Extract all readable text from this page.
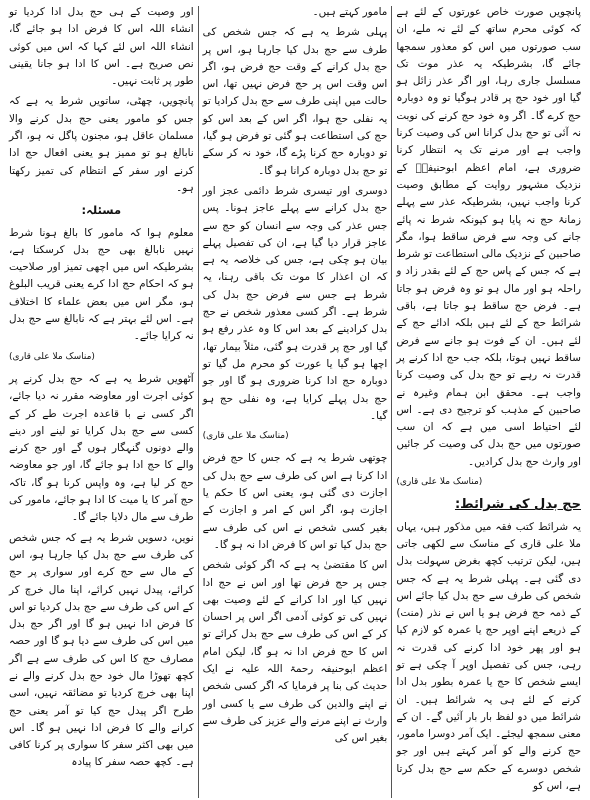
پانچویں صورت خاص عورتوں کے لئے ہے کہ کوئی محرم ساتھ کے لئے نہ ملے، ان سب صورتوں میں اس کو معذور سمجھا جائے گا، بشرطیکہ یہ عذر موت تک مسلسل جاری رہا، اور اگر عذر زائل ہو گیا اور خود حج پر قادر ہوگیا تو وہ دوبارہ حج کرے گا۔ اگر وہ خود حج کرنے کی نوبت نہ آئی تو حج بدل کرانا اس کی وصیت کرنا واجب ہے اور مرنے تک یہ انتظار کرنا ضروری ہے، امام اعظم ابوحنیفہؒ کے نزدیک مشہور روایت کے مطابق وصیت کرنا واجب نہیں، بشرطیکہ عذر سے پہلے زمانۂ حج نہ پایا ہو کیونکہ شرط نہ پائے جانے کی وجہ سے فرض ساقط ہوا، مگر صاحبین کے نزدیک مالی استطاعت تو شرط ہے کہ جس کے پاس حج کے لئے بقدر زاد و راحلہ ہو اور مال ہو تو وہ فرض ہو جاتا ہے۔ فرض حج ساقط ہو جاتا ہے، باقی شرائط حج کے لئے ہیں بلکہ ادائے حج کے لئے ہیں۔ ان کے فوت ہو جانے سے فرض ساقط نہیں ہوتا، بلکہ جب حج ادا کرنے پر قدرت نہ رہے تو حج بدل کی وصیت کرنا واجب ہے۔ محقق ابن ہمام وغیرہ نے صاحبین کے مذہب کو ترجیح دی ہے۔ اس لئے احتیاط اسی میں ہے کہ ان سب صورتوں میں حج بدل کی وصیت کر جائیں اور وارث حج بدل کرادیں۔

(مناسک ملا علی قاری)

حج بدل کی شرائط:

یہ شرائط کتب فقہ میں مذکور ہیں، یہاں ملا علی قاری کے مناسک سے لکھی جاتی ہیں، لیکن ترتیب کچھ بغرض سہولت بدل دی گئی ہے۔ پہلی شرط یہ ہے کہ جس شخص کی طرف سے حج بدل کیا جائے اس کے ذمہ حج فرض ہو یا اس نے نذر (منت) کے ذریعے اپنے اوپر حج یا عمرہ کو لازم کیا ہو اور پھر خود ادا کرنے کی قدرت نہ رہی، جس کی تفصیل اوپر آ چکی ہے تو ایسے شخص کا حج یا عمرہ بطور بدل ادا کرنے کے لئے ہی یہ شرائط ہیں۔ ان شرائط میں دو لفظ بار بار آئیں گے۔ ان کے معنی سمجھ لیجئے۔ ایک آمر دوسرا مامور، حج کرنے والے کو آمر کہتے ہیں اور جو شخص دوسرے کے حکم سے حج بدل کرتا ہے، اس کو

مامور کہتے ہیں۔

پہلی شرط یہ ہے کہ جس شخص کی طرف سے حج بدل کیا جارہا ہو، اس پر حج بدل کرانے کے وقت حج فرض ہو، اگر اس وقت اس پر حج فرض نہیں تھا، اس حالت میں اپنی طرف سے حج بدل کرادیا تو یہ نفلی حج ہوا، اگر اس کے بعد اس کو حج کی استطاعت ہو گئی تو فرض ہو گیا، تو دوبارہ حج کرنا پڑے گا، خود نہ کر سکے تو حج بدل دوبارہ کرانا ہو گا۔

دوسری اور تیسری شرط دائمی عجز اور حج بدل کرانے سے پہلے عاجز ہونا۔ پس جس عذر کی وجہ سے انسان کو حج سے عاجز قرار دیا گیا ہے، ان کی تفصیل پہلے بیان ہو چکی ہے، جس کی خلاصہ یہ ہے کہ ان اعذار کا موت تک باقی رہنا، یہ شرط ہے جس سے فرض حج بدل کی شرط ہے۔ اگر کسی معذور شخص نے حج بدل کرادینے کے بعد اس کا وہ عذر رفع ہو گیا اور حج پر قدرت ہو گئی، مثلاً بیمار تھا، اچھا ہو گیا یا عورت کو محرم مل گیا تو دوبارہ حج ادا کرنا ضروری ہو گا اور جو حج بدل پہلے کرایا ہے، وہ نفلی حج ہو گیا۔

(مناسک ملا علی قاری)

چوتھی شرط یہ ہے کہ جس کا حج فرض ادا کرنا ہے اس کی طرف سے حج بدل کی اجازت دی گئی ہو، یعنی اس کا حکم یا اجازت ہو، اگر اس کے امر و اجازت کے بغیر کسی شخص نے اس کی طرف سے حج بدل کیا تو اس کا فرض ادا نہ ہو گا۔

اس کا مقتضیٰ یہ ہے کہ اگر کوئی شخص جس پر حج فرض تھا اور اس نے حج ادا نہیں کیا اور ادا کرانے کے لئے وصیت بھی نہیں کی تو کوئی آدمی اگر اس پر احسان کر کے اس کی طرف سے حج بدل کرائے تو اس کا حج فرض ادا نہ ہو گا، لیکن امام اعظم ابوحنیفہ رحمۃ اللہ علیہ نے ایک حدیث کی بنا پر فرمایا کہ اگر کسی شخص نے اپنے والدین کی طرف سے یا کسی اور وارث نے اپنے مرنے والے عزیز کی طرف سے بغیر اس کی

اور وصیت کے ہی حج بدل ادا کردیا تو انشاء اللہ اس کا فرض ادا ہو جائے گا، انشاء اللہ اس لئے کہا کہ اس میں کوئی نص صریح ہے۔ اس کا ادا ہو جانا یقینی طور پر ثابت نہیں۔

پانچویں، چھٹی، ساتویں شرط یہ ہے کہ جس کو مامور یعنی حج بدل کرنے والا مسلمان عاقل ہو، مجنون پاگل نہ ہو، اگر نابالغ ہو تو ممیز ہو یعنی افعال حج ادا کرنے اور سفر کے انتظام کی تمیز رکھتا ہو۔

مسئلہ:

معلوم ہوا کہ مامور کا بالغ ہونا شرط نہیں نابالغ بھی حج بدل کرسکتا ہے، بشرطیکہ اس میں اچھی تمیز اور صلاحیت ہو کہ احکام حج ادا کرے یعنی قریب البلوغ ہو، مگر اس میں بعض علماء کا اختلاف ہے۔ اس لئے بہتر ہے کہ نابالغ سے حج بدل نہ کرایا جائے۔

(مناسک ملا علی قاری)

آٹھویں شرط یہ ہے کہ حج بدل کرنے پر کوئی اجرت اور معاوضہ مقرر نہ دیا جائے، اگر کسی نے با قاعدہ اجرت طے کر کے کسی سے حج بدل کرایا تو لینے اور دینے والے دونوں گنہگار ہوں گے اور حج کرنے والے کا حج ادا ہو جائے گا، اور جو معاوضہ حج کر لیا ہے، وہ واپس کرنا ہو گا، تاکہ حج آمر کا یا میت کا ادا ہو جائے، مامور کی طرف سے مال دلایا جائے گا۔

نویں، دسویں شرط یہ ہے کہ جس شخص کی طرف سے حج بدل کیا جارہا ہو، اس کے مال سے حج کرے اور سواری پر حج کرائے، پیدل نہیں کرائے، اپنا مال خرچ کر کے اس کی طرف سے حج بدل کردیا تو اس کا فرض ادا نہیں ہو گا اور اگر حج بدل میں اس کی طرف سے دیا ہو گا اور حصہ مصارف حج کا اس کی طرف سے ہے اگر کچھ تھوڑا مال خود حج بدل کرنے والے نے اپنا بھی خرچ کردیا تو مضائقہ نہیں، اسی طرح اگر پیدل حج کیا تو آمر یعنی حج کرانے والے کا فرض ادا نہیں ہو گا۔ اس میں بھی اکثر سفر کا سواری پر کرنا کافی ہے۔ کچھ حصہ سفر کا پیادہ
